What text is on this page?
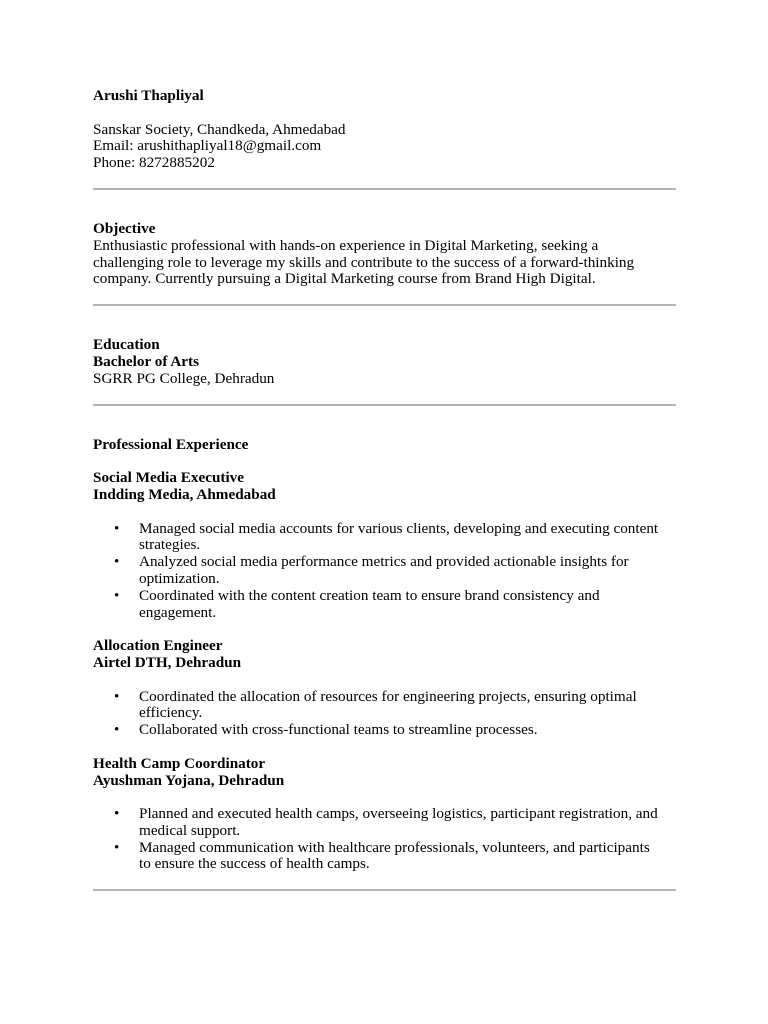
Arushi Thapliyal
Sanskar Society, Chandkeda, Ahmedabad
Email: arushithapliyal18@gmail.com
Phone: 8272885202
Objective
Enthusiastic professional with hands-on experience in Digital Marketing, seeking a
challenging role to leverage my skills and contribute to the success of a forward-thinking
company. Currently pursuing a Digital Marketing course from Brand High Digital.
Education
Bachelor of Arts
SGRR PG College, Dehradun
Professional Experience
Social Media Executive
Indding Media, Ahmedabad
• Managed social media accounts for various clients, developing and executing content
strategies.
• Analyzed social media performance metrics and provided actionable insights for
optimization.
• Coordinated with the content creation team to ensure brand consistency and
engagement.
Allocation Engineer
Airtel DTH, Dehradun
• Coordinated the allocation of resources for engineering projects, ensuring optimal
efficiency.
• Collaborated with cross-functional teams to streamline processes.
Health Camp Coordinator
Ayushman Yojana, Dehradun
• Planned and executed health camps, overseeing logistics, participant registration, and
medical support.
• Managed communication with healthcare professionals, volunteers, and participants
to ensure the success of health camps.
